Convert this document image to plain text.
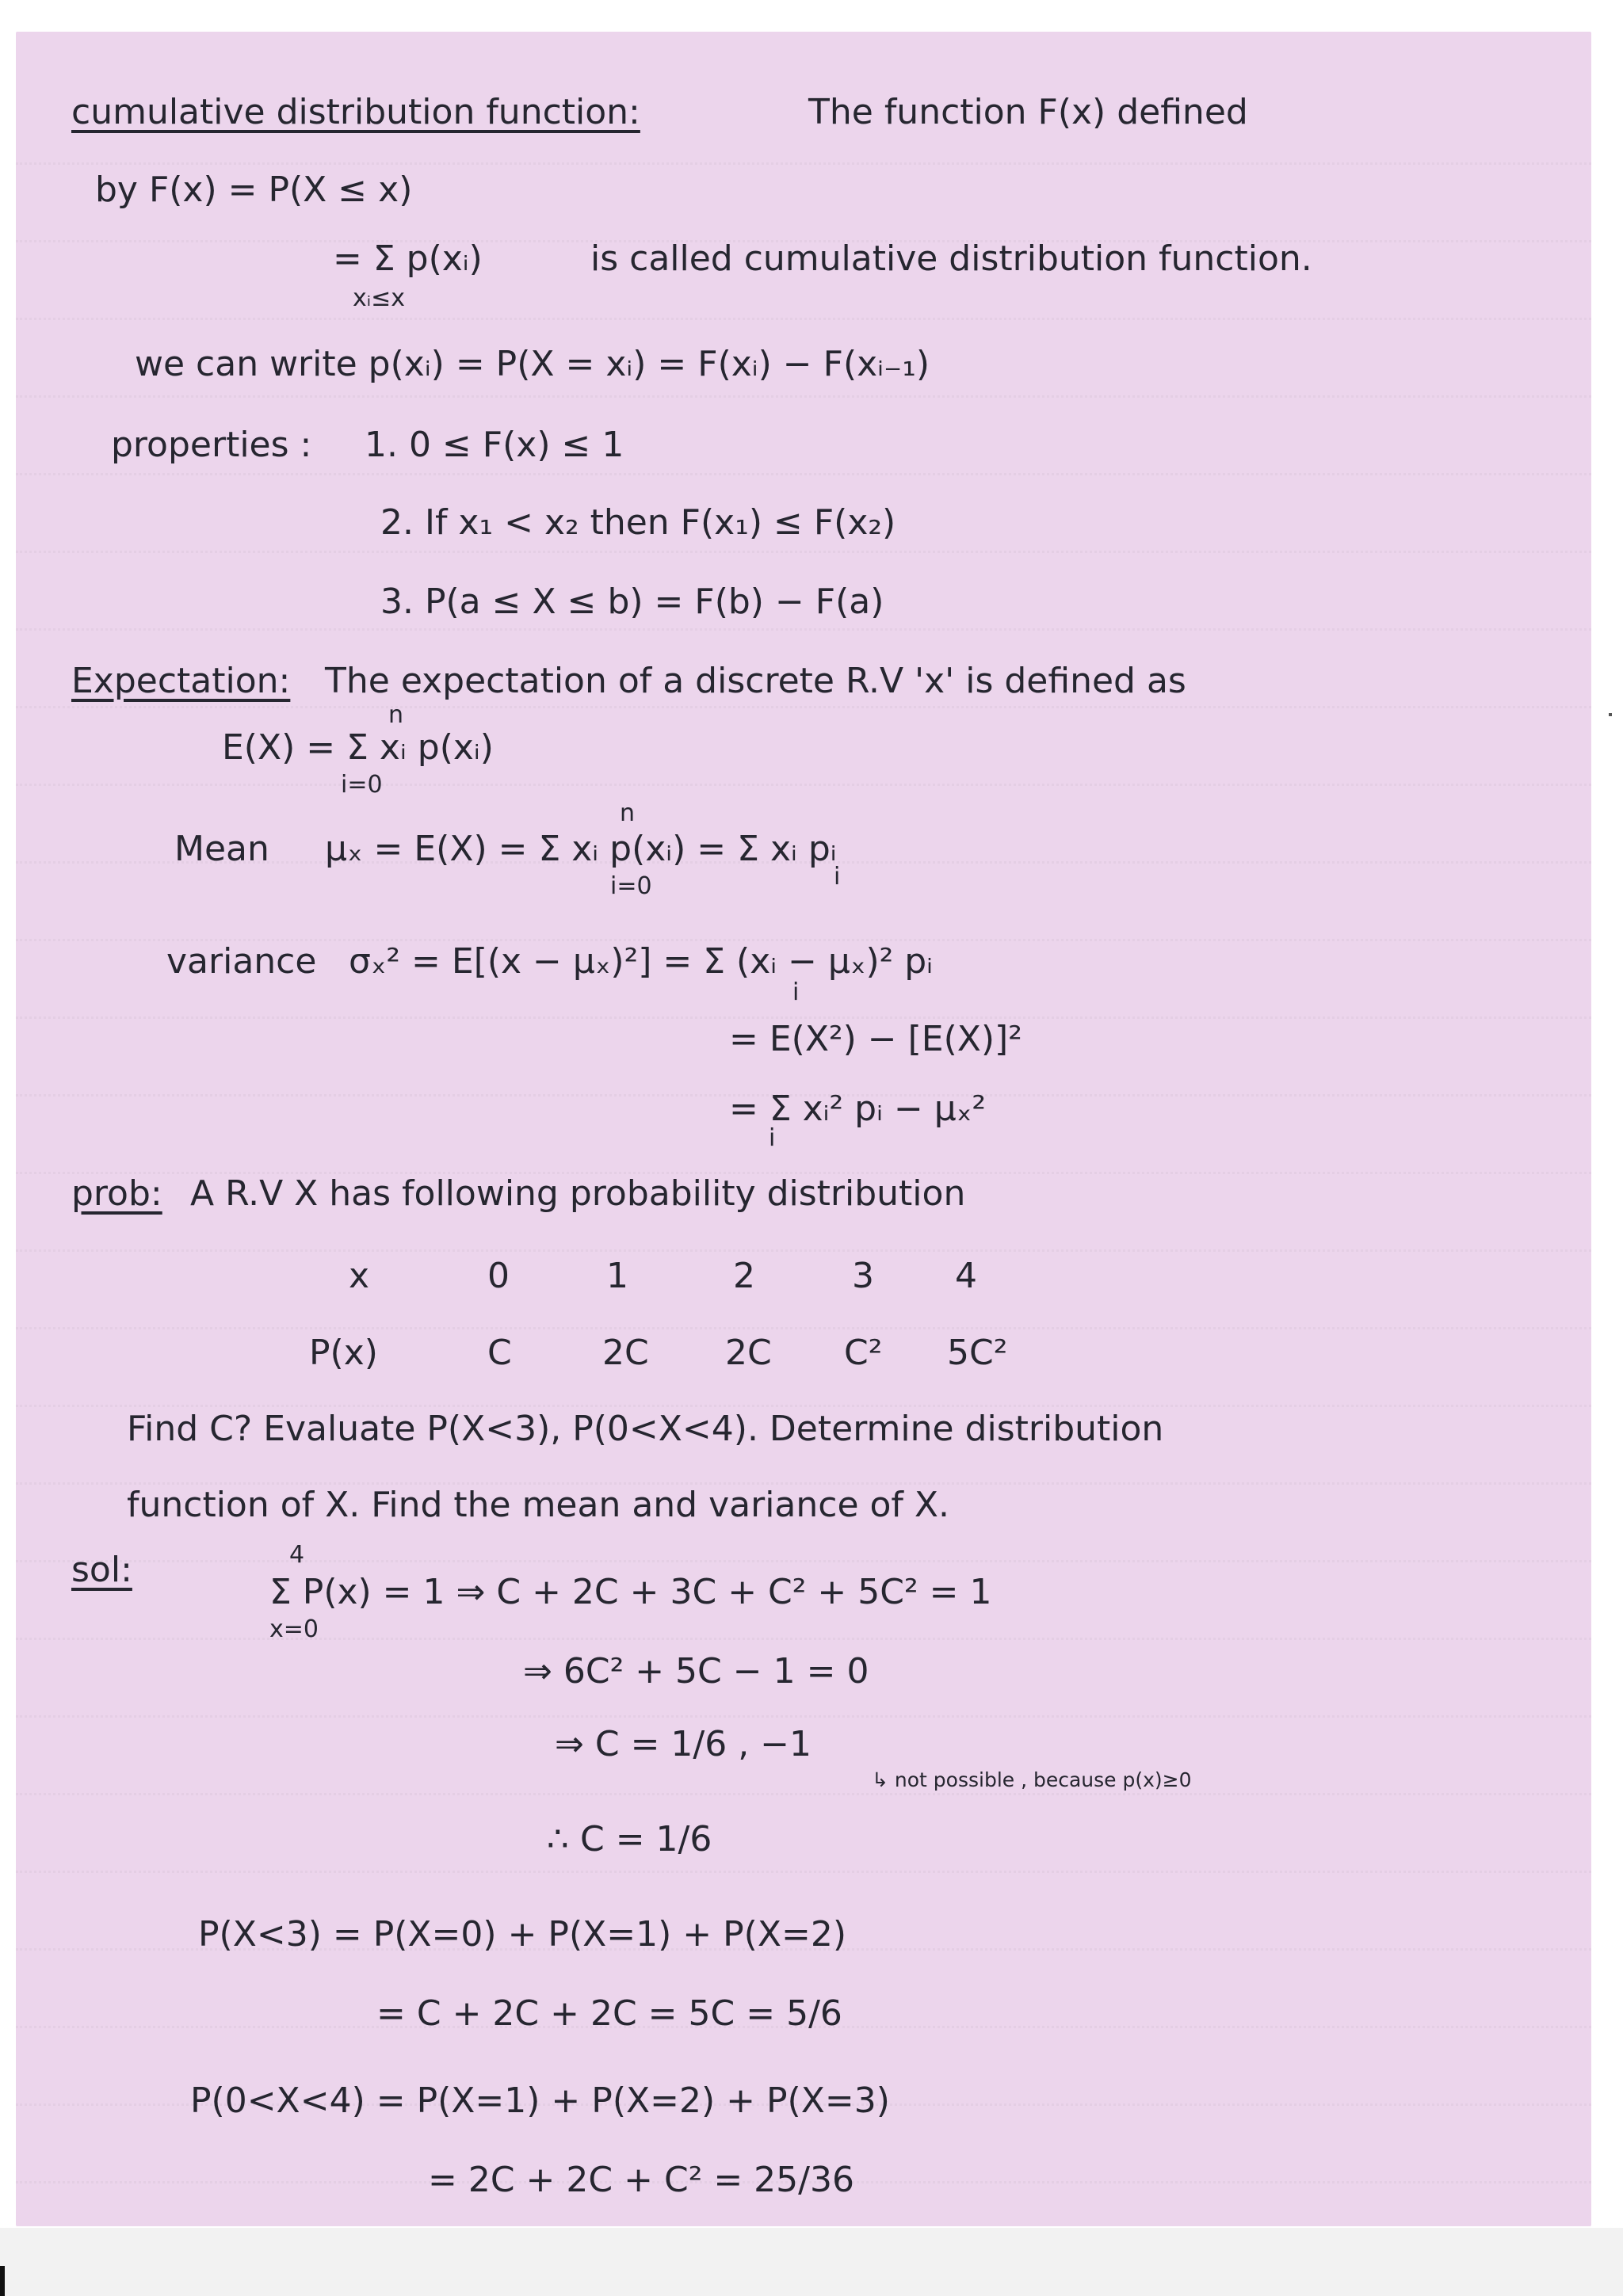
cumulative distribution function:	The function F(x) defined
by F(x) = P(X ≤ x)
= Σ p(xᵢ)
xᵢ≤x
is called cumulative distribution function.
we can write p(xᵢ) = P(X = xᵢ) = F(xᵢ) − F(xᵢ₋₁)
properties : 1. 0 ≤ F(x) ≤ 1
2. If x₁ < x₂ then F(x₁) ≤ F(x₂)
3. P(a ≤ X ≤ b) = F(b) − F(a)
Expectation: The expectation of a discrete R.V 'x' is defined as
n
E(X) = Σ xᵢ p(xᵢ)
i=0
Mean
n
μₓ = E(X) = Σ xᵢ p(xᵢ) = Σ xᵢ pᵢ
i=0	i
variance σₓ² = E[(x − μₓ)²] = Σ (xᵢ − μₓ)² pᵢ
i
= E(X²) − [E(X)]²
= Σ xᵢ² pᵢ − μₓ²
i
prob: A R.V X has following probability distribution
x	0	1	2	3 4
P(x)	C	2C 2C C² 5C²
Find C? Evaluate P(X<3), P(0<X<4). Determine distribution
function of X. Find the mean and variance of X.
sol:	4
Σ P(x) = 1 ⇒ C + 2C + 3C + C² + 5C² = 1
x=0
⇒ 6C² + 5C − 1 = 0
⇒ C = 1/6 , −1
↳ not possible , because p(x)≥0
∴ C = 1/6
P(X<3) = P(X=0) + P(X=1) + P(X=2)
= C + 2C + 2C = 5C = 5/6
P(0<X<4) = P(X=1) + P(X=2) + P(X=3)
= 2C + 2C + C² = 25/36
